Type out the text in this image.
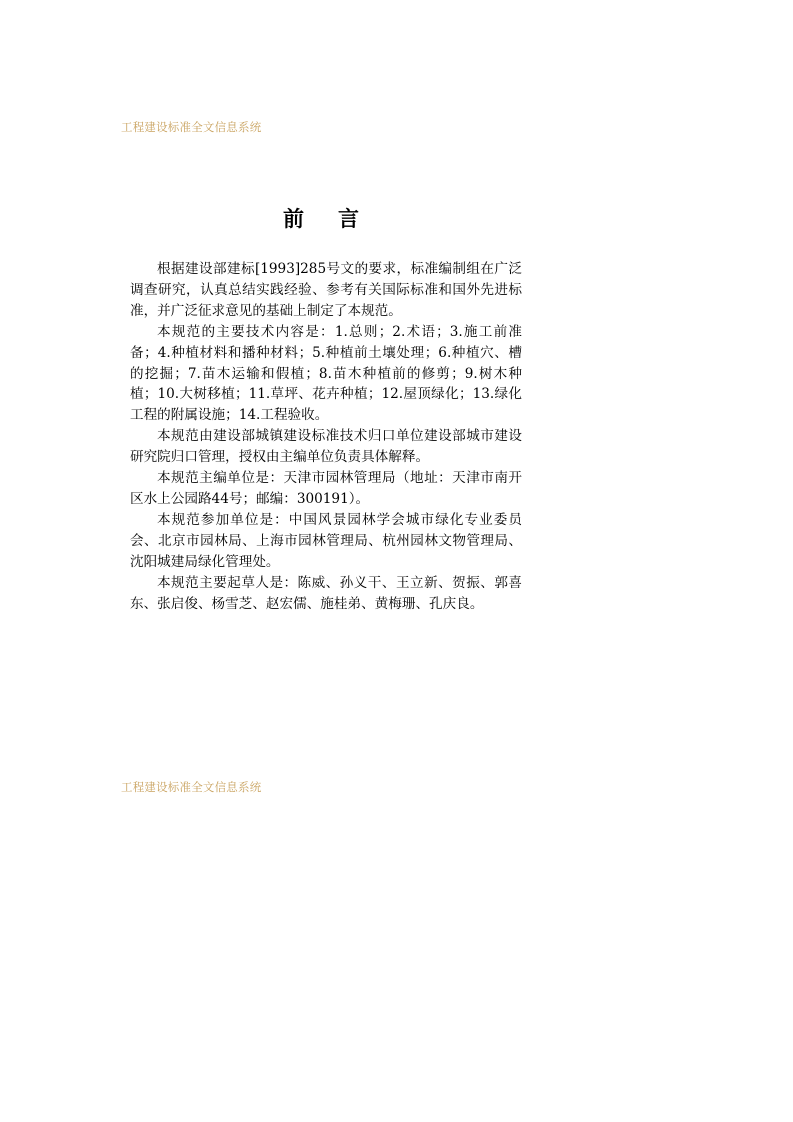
工程建设标准全文信息系统
前 言

根据建设部建标[1993]285号文的要求，标准编制组在广泛调查研究，认真总结实践经验、参考有关国际标准和国外先进标准，并广泛征求意见的基础上制定了本规范。

本规范的主要技术内容是：1.总则；2.术语；3.施工前准备；4.种植材料和播种材料；5.种植前土壤处理；6.种植穴、槽的挖掘；7.苗木运输和假植；8.苗木种植前的修剪；9.树木种植；10.大树移植；11.草坪、花卉种植；12.屋顶绿化；13.绿化工程的附属设施；14.工程验收。

本规范由建设部城镇建设标准技术归口单位建设部城市建设研究院归口管理，授权由主编单位负责具体解释。

本规范主编单位是：天津市园林管理局（地址：天津市南开区水上公园路44号；邮编：300191）。

本规范参加单位是：中国风景园林学会城市绿化专业委员会、北京市园林局、上海市园林管理局、杭州园林文物管理局、沈阳城建局绿化管理处。

本规范主要起草人是：陈威、孙义干、王立新、贺振、郭喜东、张启俊、杨雪芝、赵宏儒、施桂弟、黄梅珊、孔庆良。

工程建设标准全文信息系统
